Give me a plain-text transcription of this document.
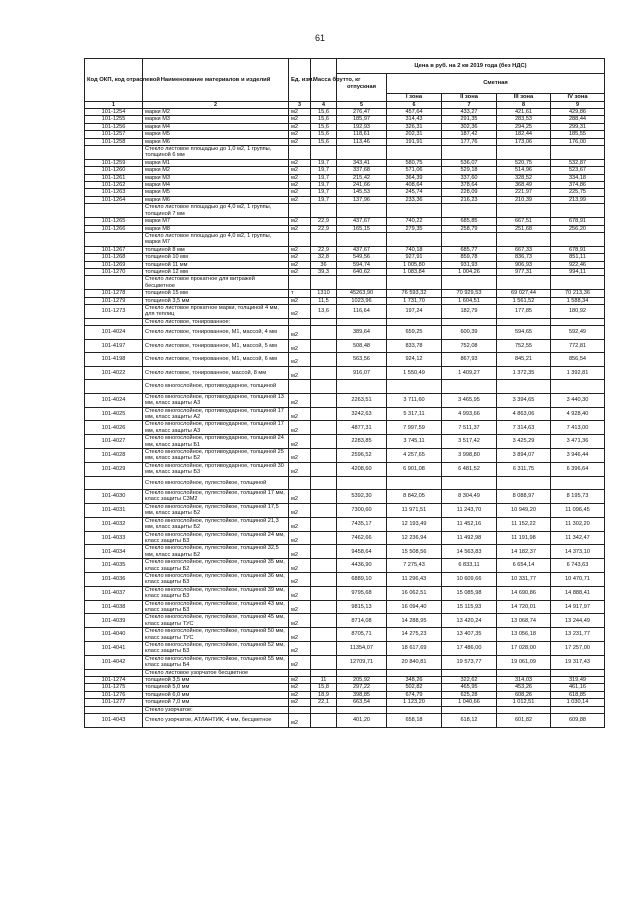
61
Код ОКП, код отраслевой	Наименование материалов и изделий	Ед. изм.	Масса брутто, кг	Цена в руб. на 2 кв 2019 года (без НДС)				
				отпускная	Сметная			
					I зона	II зона	III зона	IV зона
1	2	3	4	5	6	7	8	9
101-1254	марки М2	м2	15,6	276,47	457,64	433,27	421,61	429,86
101-1255	марки М3	м2	15,6	185,97	314,43	291,35	283,53	288,44
101-1256	марки М4	м2	15,6	192,93	326,31	302,36	294,25	299,31
101-1257	марки М5	м2	15,6	118,61	202,31	187,42	182,44	185,55
101-1258	марки М6	м2	15,6	113,46	191,91	177,76	173,06	176,00
	Стекло листовое площадью до 1,0 м2, 1 группы, толщиной 6 мм							
101-1259	марки М1	м2	19,7	343,41	580,75	536,07	520,75	532,87
101-1260	марки М2	м2	19,7	337,68	571,06	529,18	514,96	523,67
101-1261	марки М3	м2	19,7	215,42	364,39	337,60	328,52	334,18
101-1262	марки М4	м2	19,7	241,66	408,64	378,64	368,49	374,86
101-1263	марки М5	м2	19,7	145,53	245,74	228,09	221,97	225,75
101-1264	марки М6	м2	19,7	137,96	233,36	216,23	210,39	213,99
	Стекло листовое площадью до 4,0 м2, 1 группы, толщиной 7 мм							
101-1265	марки М7	м2	22,9	437,67	740,22	685,85	667,51	678,91
101-1266	марки М8	м2	22,9	165,15	279,35	258,79	251,68	256,20
	Стекло листовое площадью до 4,0 м2, 1 группы, марки М7							
101-1267	толщиной 8 мм	м2	22,9	437,67	740,18	685,77	667,33	678,91
101-1268	толщиной 10 мм	м2	32,8	549,56	927,91	859,78	836,73	851,11
101-1269	толщиной 11 мм	м2	36	594,74	1 005,80	931,93	906,93	922,46
101-1270	толщиной 12 мм	м2	39,3	640,62	1 083,84	1 004,26	977,31	994,11
	Стекло листовое прокатное для витражей бесцветное							
101-1278	толщиной 15 мм	т	1310	45263,90	76 593,32	70 929,53	69 027,44	70 213,36
101-1279	толщиной 3,5 мм	м2	11,5	1023,96	1 731,70	1 604,51	1 561,52	1 588,34
101-1273	Стекло листовое прокатное марки, толщиной 4 мм, для теплиц	м2	13,6	116,64	197,24	182,79	177,85	180,92
	Стекло листовое, тонированное:							
101-4024	Стекло листовое, тонированное, М1, массой, 4 мм	м2		389,64	659,25	600,39	594,65	592,49
101-4197	Стекло листовое, тонированное, М1, массой, 5 мм	м2		508,48	833,78	752,08	752,55	772,81
101-4198	Стекло листовое, тонированное, М1, массой, 6 мм	м2		563,56	924,12	867,93	845,21	856,54
101-4022	Стекло листовое, тонированное, массой, 8 мм	м2		916,07	1 550,49	1 409,27	1 372,35	1 392,81
	Стекло многослойное, противоударное, толщиной							
101-4024	Стекло многослойное, противоударное, толщиной 13 мм, класс защиты А3	м2		2263,51	3 711,60	3 465,95	3 394,65	3 440,30
101-4025	Стекло многослойное, противоударное, толщиной 17 мм, класс защиты А2	м2		3242,63	5 317,11	4 993,66	4 863,06	4 928,40
101-4026	Стекло многослойное, противоударное, толщиной 17 мм, класс защиты А3	м2		4877,31	7 997,59	7 511,37	7 314,63	7 413,00
101-4027	Стекло многослойное, противоударное, толщиной 24 мм, класс защиты Б1	м2		2283,85	3 745,11	3 517,42	3 425,29	3 471,36
101-4028	Стекло многослойное, противоударное, толщиной 25 мм, класс защиты Б2	м2		2596,52	4 257,65	3 998,80	3 894,07	3 946,44
101-4029	Стекло многослойное, противоударное, толщиной 30 мм, класс защиты Б3	м2		4208,60	6 901,08	6 481,52	6 311,75	6 396,64
	Стекло многослойное, пулестойкое, толщиной							
101-4030	Стекло многослойное, пулестойкое, толщиной 17 мм, класс защиты С3М2	м2		5392,30	8 842,05	8 304,49	8 088,97	8 195,73
101-4031	Стекло многослойное, пулестойкое, толщиной 17,5 мм, класс защиты Б2	м2		7300,60	11 971,51	11 243,70	10 949,20	11 096,45
101-4032	Стекло многослойное, пулестойкое, толщиной 21,3 мм, класс защиты Б2	м2		7435,17	12 193,49	11 452,16	11 152,22	11 302,20
101-4033	Стекло многослойное, пулестойкое, толщиной 24 мм, класс защиты Б3	м2		7462,66	12 236,94	11 492,98	11 191,98	11 342,47
101-4034	Стекло многослойное, пулестойкое, толщиной 32,5 мм, класс защиты Б2	м2		9458,64	15 508,56	14 563,83	14 182,37	14 373,10
101-4035	Стекло многослойное, пулестойкое, толщиной 35 мм, класс защиты Б2	м2		4436,90	7 275,43	6 833,11	6 654,14	6 743,63
101-4036	Стекло многослойное, пулестойкое, толщиной 36 мм, класс защиты Б3	м2		6889,10	11 296,43	10 609,66	10 331,77	10 470,71
101-4037	Стекло многослойное, пулестойкое, толщиной 39 мм, класс защиты Б3	м2		9795,68	16 062,51	15 085,98	14 690,86	14 888,41
101-4038	Стекло многослойное, пулестойкое, толщиной 43 мм, класс защиты Б3	м2		9815,13	16 094,40	15 115,93	14 720,01	14 917,97
101-4039	Стекло многослойное, пулестойкое, толщиной 45 мм, класс защиты ТУС	м2		8714,08	14 288,95	13 420,24	13 068,74	13 244,49
101-4040	Стекло многослойное, пулестойкое, толщиной 50 мм, класс защиты ТУС	м2		8705,71	14 275,23	13 407,35	13 056,18	13 231,77
101-4041	Стекло многослойное, пулестойкое, толщиной 52 мм, класс защиты Б3	м2		11354,07	18 617,69	17 486,00	17 028,00	17 257,00
101-4042	Стекло многослойное, пулестойкое, толщиной 55 мм, класс защиты Б4	м2		12709,71	20 840,81	19 573,77	19 061,09	19 317,43
	Стекло листовое узорчатое бесцветное							
101-1274	толщиной 3,5 мм	м2	11	205,92	348,26	322,62	314,03	319,49
101-1275	толщиной 5,0 мм	м2	15,8	297,22	502,82	465,95	453,26	461,16
101-1276	толщиной 6,0 мм	м2	18,9	398,85	674,79	625,28	608,26	618,85
101-1277	толщиной 7,0 мм	м2	22,1	663,54	1 123,20	1 040,66	1 012,51	1 030,14
	Стекло узорчатое:							
101-4043	Стекло узорчатое, АТЛАНТИК, 4 мм, бесцветное	м2		401,20	658,18	618,12	601,82	609,88
